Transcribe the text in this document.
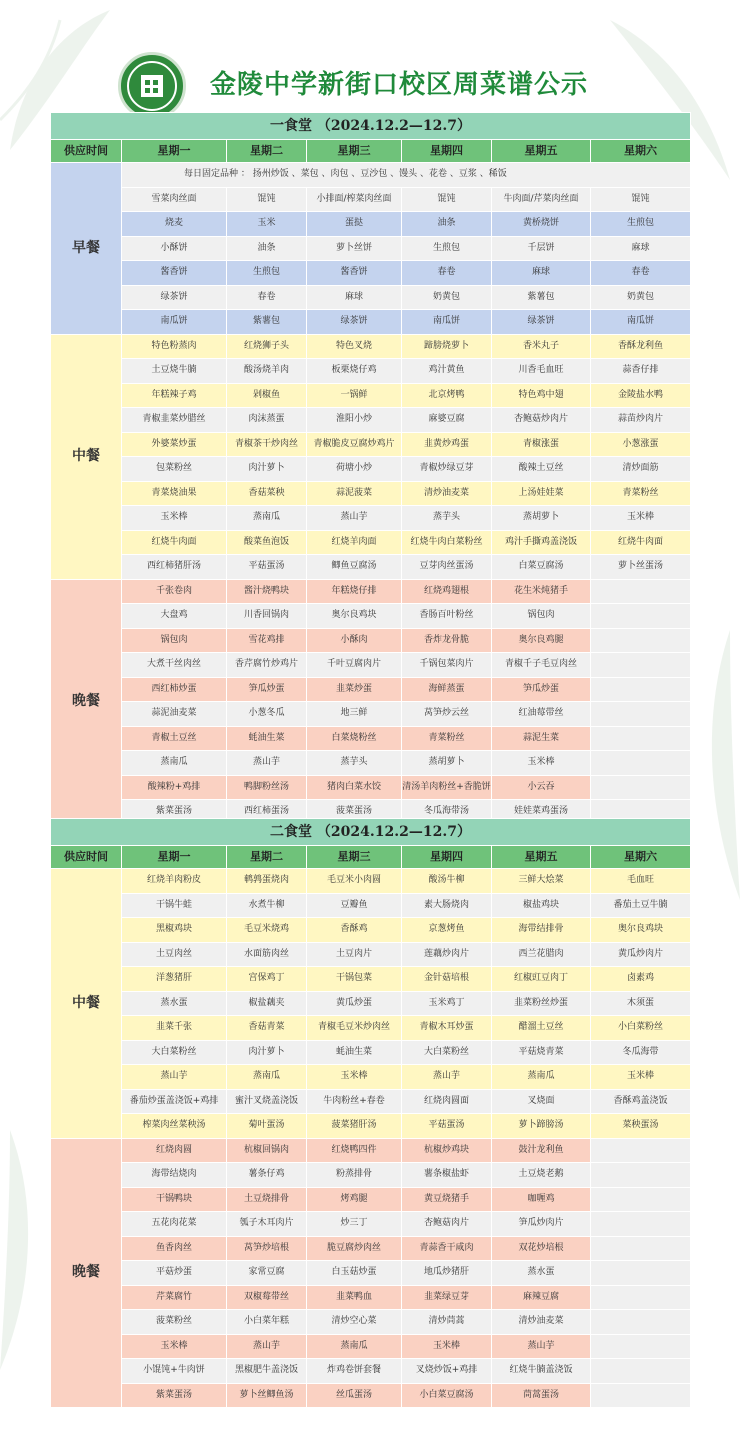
金陵中学新街口校区周菜谱公示
一食堂 （2024.12.2—12.7）						
供应时间	星期一	星期二	星期三	星期四	星期五	星期六
早餐	每日固定品种 ： 扬州炒饭 、菜包 、肉包 、豆沙包 、馒头 、花卷 、豆浆 、稀饭					
	雪菜肉丝面	馄饨	小排面/榨菜肉丝面	馄饨	牛肉面/芹菜肉丝面	馄饨
	烧麦	玉米	蛋挞	油条	黄桥烧饼	生煎包
	小酥饼	油条	萝卜丝饼	生煎包	千层饼	麻球
	酱香饼	生煎包	酱香饼	春卷	麻球	春卷
	绿茶饼	春卷	麻球	奶黄包	紫薯包	奶黄包
	南瓜饼	紫薯包	绿茶饼	南瓜饼	绿茶饼	南瓜饼
中餐	特色粉蒸肉	红烧狮子头	特色叉烧	蹄膀烧萝卜	香米丸子	香酥龙利鱼
	土豆烧牛腩	酸汤烧羊肉	板栗烧仔鸡	鸡汁黄鱼	川香毛血旺	蒜香仔排
	年糕辣子鸡	剁椒鱼	一锅鲜	北京烤鸭	特色鸡中翅	金陵盐水鸭
	青椒韭菜炒腊丝	肉沫蒸蛋	淮阳小炒	麻婆豆腐	杏鲍菇炒肉片	蒜苗炒肉片
	外婆菜炒蛋	青椒茶干炒肉丝	青椒脆皮豆腐炒鸡片	韭黄炒鸡蛋	青椒涨蛋	小葱涨蛋
	包菜粉丝	肉汁萝卜	荷塘小炒	青椒炒绿豆芽	酸辣土豆丝	清炒面筋
	青菜烧油果	香菇菜秧	蒜泥菠菜	清炒油麦菜	上汤娃娃菜	青菜粉丝
	玉米棒	蒸南瓜	蒸山芋	蒸芋头	蒸胡萝卜	玉米棒
	红烧牛肉面	酸菜鱼泡饭	红烧羊肉面	红烧牛肉白菜粉丝	鸡汁手撕鸡盖浇饭	红烧牛肉面
	西红柿猪肝汤	平菇蛋汤	鲫鱼豆腐汤	豆芽肉丝蛋汤	白菜豆腐汤	萝卜丝蛋汤
晚餐	千张卷肉	酱汁烧鸭块	年糕烧仔排	红烧鸡翅根	花生米炖猪手	
	大盘鸡	川香回锅肉	奥尔良鸡块	香肠百叶粉丝	锅包肉	
	锅包肉	雪花鸡排	小酥肉	香炸龙骨脆	奥尔良鸡腿	
	大煮干丝肉丝	香芹腐竹炒鸡片	千叶豆腐肉片	千锅包菜肉片	青椒千子毛豆肉丝	
	西红柿炒蛋	笋瓜炒蛋	韭菜炒蛋	海鲜蒸蛋	笋瓜炒蛋	
	蒜泥油麦菜	小葱冬瓜	地三鲜	莴笋炒云丝	红油莓带丝	
	青椒土豆丝	蚝油生菜	白菜烧粉丝	青菜粉丝	蒜泥生菜	
	蒸南瓜	蒸山芋	蒸芋头	蒸胡萝卜	玉米棒	
	酸辣粉+鸡排	鸭脚粉丝汤	猪肉白菜水饺	清汤羊肉粉丝+香脆饼	小云吞	
	紫菜蛋汤	西红柿蛋汤	菠菜蛋汤	冬瓜海带汤	娃娃菜鸡蛋汤	
二食堂 （2024.12.2—12.7）						
供应时间	星期一	星期二	星期三	星期四	星期五	星期六
中餐	红烧羊肉粉皮	鹌鹑蛋烧肉	毛豆米小肉圆	酸汤牛柳	三鲜大烩菜	毛血旺
	干锅牛蛙	水煮牛柳	豆瓣鱼	素大肠烧肉	椒盐鸡块	番茄土豆牛腩
	黑椒鸡块	毛豆米烧鸡	香酥鸡	京葱烤鱼	海带结排骨	奥尔良鸡块
	土豆肉丝	水面筋肉丝	土豆肉片	莲藕炒肉片	西兰花腊肉	黄瓜炒肉片
	洋葱猪肝	宫保鸡丁	干锅包菜	金针菇培根	红椒豇豆肉丁	卤素鸡
	蒸水蛋	椒盐藕夹	黄瓜炒蛋	玉米鸡丁	韭菜粉丝炒蛋	木须蛋
	韭菜千张	香菇青菜	青椒毛豆米炒肉丝	青椒木耳炒蛋	醋溜土豆丝	小白菜粉丝
	大白菜粉丝	肉汁萝卜	蚝油生菜	大白菜粉丝	平菇烧青菜	冬瓜海带
	蒸山芋	蒸南瓜	玉米棒	蒸山芋	蒸南瓜	玉米棒
	番茄炒蛋盖浇饭+鸡排	蜜汁叉烧盖浇饭	牛肉粉丝+春卷	红烧肉圆面	叉烧面	香酥鸡盖浇饭
	榨菜肉丝菜秧汤	菊叶蛋汤	菠菜猪肝汤	平菇蛋汤	萝卜蹄膀汤	菜秧蛋汤
晚餐	红烧肉圆	杭椒回锅肉	红烧鸭四件	杭椒炒鸡块	鼓汁龙利鱼	
	海带结烧肉	薯条仔鸡	粉蒸排骨	薯条椒盐虾	土豆烧老鹅	
	干锅鸭块	土豆烧排骨	烤鸡腿	黄豆烧猪手	咖喱鸡	
	五花肉花菜	瓠子木耳肉片	炒三丁	杏鲍菇肉片	笋瓜炒肉片	
	鱼香肉丝	莴笋炒培根	脆豆腐炒肉丝	青蒜香干咸肉	双花炒培根	
	平菇炒蛋	家常豆腐	白玉菇炒蛋	地瓜炒猪肝	蒸水蛋	
	芹菜腐竹	双椒莓带丝	韭菜鸭血	韭菜绿豆芽	麻辣豆腐	
	菠菜粉丝	小白菜年糕	清炒空心菜	清炒茼蒿	清炒油麦菜	
	玉米棒	蒸山芋	蒸南瓜	玉米棒	蒸山芋	
	小馄饨+牛肉饼	黑椒肥牛盖浇饭	炸鸡卷饼套餐	叉烧炒饭+鸡排	红烧牛腩盖浇饭	
	紫菜蛋汤	萝卜丝鲫鱼汤	丝瓜蛋汤	小白菜豆腐汤	茼蒿蛋汤	
